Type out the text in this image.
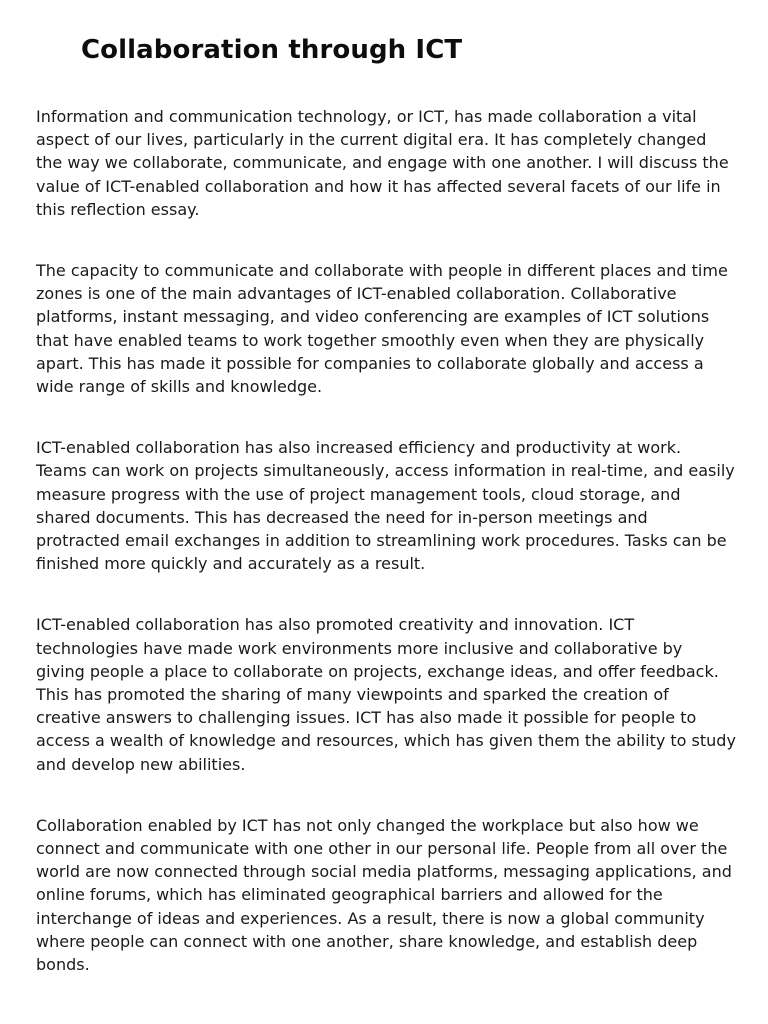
Collaboration through ICT

Information and communication technology, or ICT, has made collaboration a vital aspect of our lives, particularly in the current digital era. It has completely changed the way we collaborate, communicate, and engage with one another. I will discuss the value of ICT-enabled collaboration and how it has affected several facets of our life in this reflection essay.

The capacity to communicate and collaborate with people in different places and time zones is one of the main advantages of ICT-enabled collaboration. Collaborative platforms, instant messaging, and video conferencing are examples of ICT solutions that have enabled teams to work together smoothly even when they are physically apart. This has made it possible for companies to collaborate globally and access a wide range of skills and knowledge.

ICT-enabled collaboration has also increased efficiency and productivity at work. Teams can work on projects simultaneously, access information in real-time, and easily measure progress with the use of project management tools, cloud storage, and shared documents. This has decreased the need for in-person meetings and protracted email exchanges in addition to streamlining work procedures. Tasks can be finished more quickly and accurately as a result.

ICT-enabled collaboration has also promoted creativity and innovation. ICT technologies have made work environments more inclusive and collaborative by giving people a place to collaborate on projects, exchange ideas, and offer feedback. This has promoted the sharing of many viewpoints and sparked the creation of creative answers to challenging issues. ICT has also made it possible for people to access a wealth of knowledge and resources, which has given them the ability to study and develop new abilities.

Collaboration enabled by ICT has not only changed the workplace but also how we connect and communicate with one other in our personal life. People from all over the world are now connected through social media platforms, messaging applications, and online forums, which has eliminated geographical barriers and allowed for the interchange of ideas and experiences. As a result, there is now a global community where people can connect with one another, share knowledge, and establish deep bonds.
